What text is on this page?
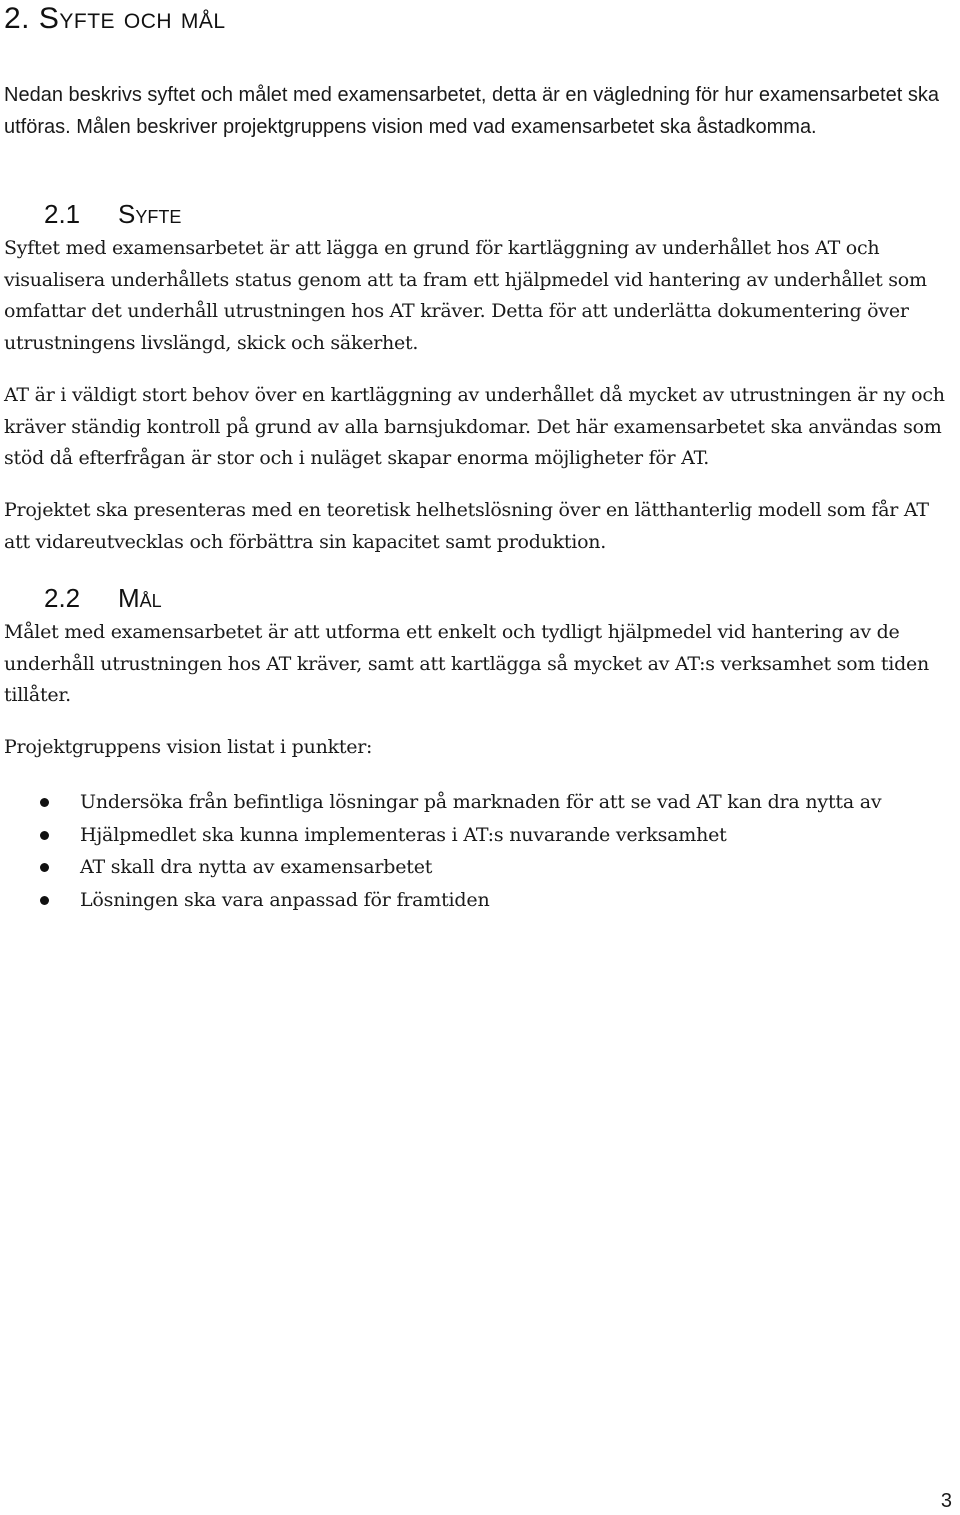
2. Syfte och mål

Nedan beskrivs syftet och målet med examensarbetet, detta är en vägledning för hur examensarbetet ska utföras. Målen beskriver projektgruppens vision med vad examensarbetet ska åstadkomma.

2.1 Syfte

Syftet med examensarbetet är att lägga en grund för kartläggning av underhållet hos AT och visualisera underhållets status genom att ta fram ett hjälpmedel vid hantering av underhållet som omfattar det underhåll utrustningen hos AT kräver. Detta för att underlätta dokumentering över utrustningens livslängd, skick och säkerhet.

AT är i väldigt stort behov över en kartläggning av underhållet då mycket av utrustningen är ny och kräver ständig kontroll på grund av alla barnsjukdomar. Det här examensarbetet ska användas som stöd då efterfrågan är stor och i nuläget skapar enorma möjligheter för AT.

Projektet ska presenteras med en teoretisk helhetslösning över en lätthanterlig modell som får AT att vidareutvecklas och förbättra sin kapacitet samt produktion.

2.2 Mål

Målet med examensarbetet är att utforma ett enkelt och tydligt hjälpmedel vid hantering av de underhåll utrustningen hos AT kräver, samt att kartlägga så mycket av AT:s verksamhet som tiden tillåter.

Projektgruppens vision listat i punkter:

Undersöka från befintliga lösningar på marknaden för att se vad AT kan dra nytta av
Hjälpmedlet ska kunna implementeras i AT:s nuvarande verksamhet
AT skall dra nytta av examensarbetet
Lösningen ska vara anpassad för framtiden
3
